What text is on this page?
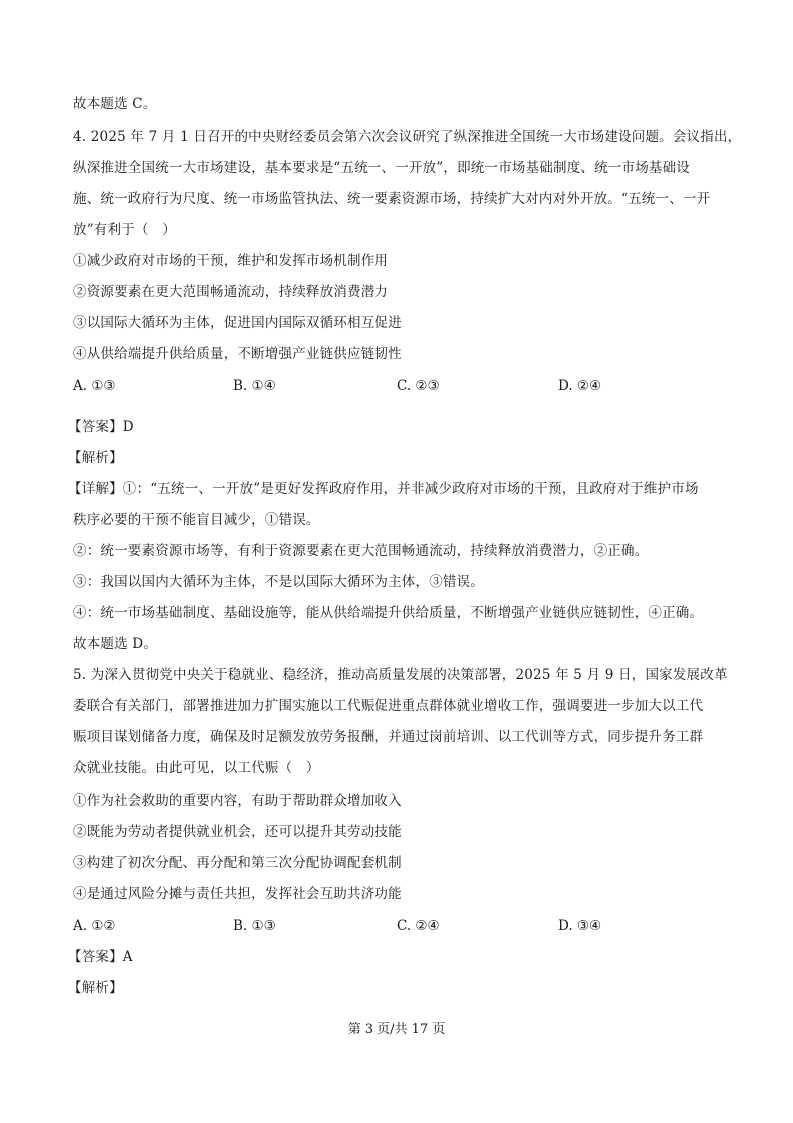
故本题选 C。
4. 2025 年 7 月 1 日召开的中央财经委员会第六次会议研究了纵深推进全国统一大市场建设问题。会议指出，
纵深推进全国统一大市场建设，基本要求是“五统一、一开放”，即统一市场基础制度、统一市场基础设
施、统一政府行为尺度、统一市场监管执法、统一要素资源市场，持续扩大对内对外开放。“五统一、一开
放”有利于（　）
①减少政府对市场的干预，维护和发挥市场机制作用
②资源要素在更大范围畅通流动，持续释放消费潜力
③以国际大循环为主体，促进国内国际双循环相互促进
④从供给端提升供给质量，不断增强产业链供应链韧性
A. ①③	B. ①④	C. ②③	D. ②④
【答案】D
【解析】
【详解】①：“五统一、一开放”是更好发挥政府作用，并非减少政府对市场的干预，且政府对于维护市场
秩序必要的干预不能盲目减少，①错误。
②：统一要素资源市场等，有利于资源要素在更大范围畅通流动，持续释放消费潜力，②正确。
③：我国以国内大循环为主体，不是以国际大循环为主体，③错误。
④：统一市场基础制度、基础设施等，能从供给端提升供给质量，不断增强产业链供应链韧性，④正确。
故本题选 D。
5. 为深入贯彻党中央关于稳就业、稳经济，推动高质量发展的决策部署，2025 年 5 月 9 日，国家发展改革
委联合有关部门，部署推进加力扩围实施以工代赈促进重点群体就业增收工作，强调要进一步加大以工代
赈项目谋划储备力度，确保及时足额发放劳务报酬，并通过岗前培训、以工代训等方式，同步提升务工群
众就业技能。由此可见，以工代赈（　）
①作为社会救助的重要内容，有助于帮助群众增加收入
②既能为劳动者提供就业机会，还可以提升其劳动技能
③构建了初次分配、再分配和第三次分配协调配套机制
④是通过风险分摊与责任共担，发挥社会互助共济功能
A. ①②	B. ①③	C. ②④	D. ③④
【答案】A
【解析】
第 3 页/共 17 页
